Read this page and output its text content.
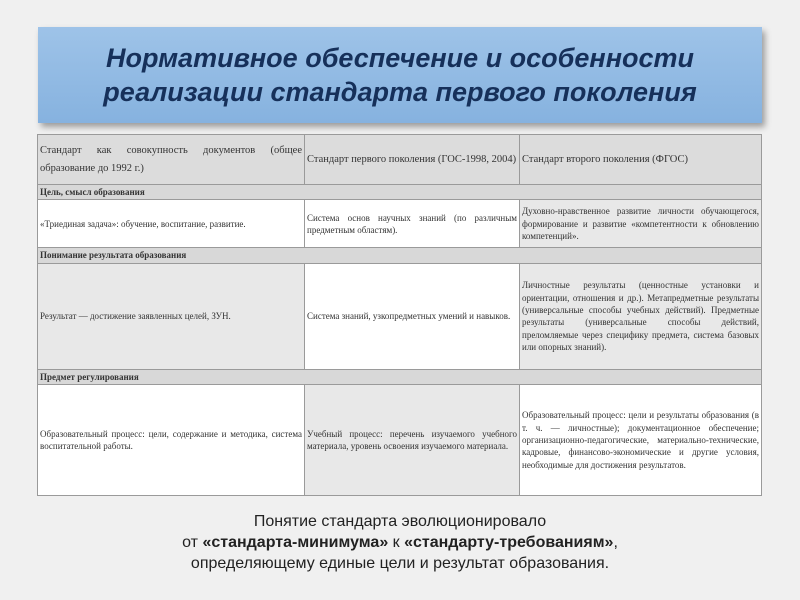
Нормативное обеспечение и особенности
реализации стандарта первого поколения
Стандарт как совокупность документов (общее образование до 1992 г.)	Стандарт первого поколения (ГОС-1998, 2004)	Стандарт второго поколения (ФГОС)
Цель, смысл образования		
«Триединая задача»: обучение, воспитание, развитие.	Система основ научных знаний (по различным предметным областям).	Духовно-нравственное развитие личности обучающегося, формирование и развитие «компетентности к обновлению компетенций».
Понимание результата образования		
Результат — достижение заявленных целей, ЗУН.	Система знаний, узкопредметных умений и навыков.	Личностные результаты (ценностные установки и ориентации, отношения и др.). Метапредметные результаты (универсальные способы учебных действий). Предметные результаты (универсальные способы действий, преломляемые через специфику предмета, система базовых или опорных знаний).
Предмет регулирования		
Образовательный процесс: цели, содержание и методика, система воспитательной работы.	Учебный процесс: перечень изучаемого учебного материала, уровень освоения изучаемого материала.	Образовательный процесс: цели и результаты образования (в т. ч. — личностные); документационное обеспечение; организационно-педагогические, материально-технические, кадровые, финансово-экономические и другие условия, необходимые для достижения результатов.
Понятие стандарта эволюционировало
от «стандарта-минимума» к «стандарту-требованиям»,
определяющему единые цели и результат образования.
